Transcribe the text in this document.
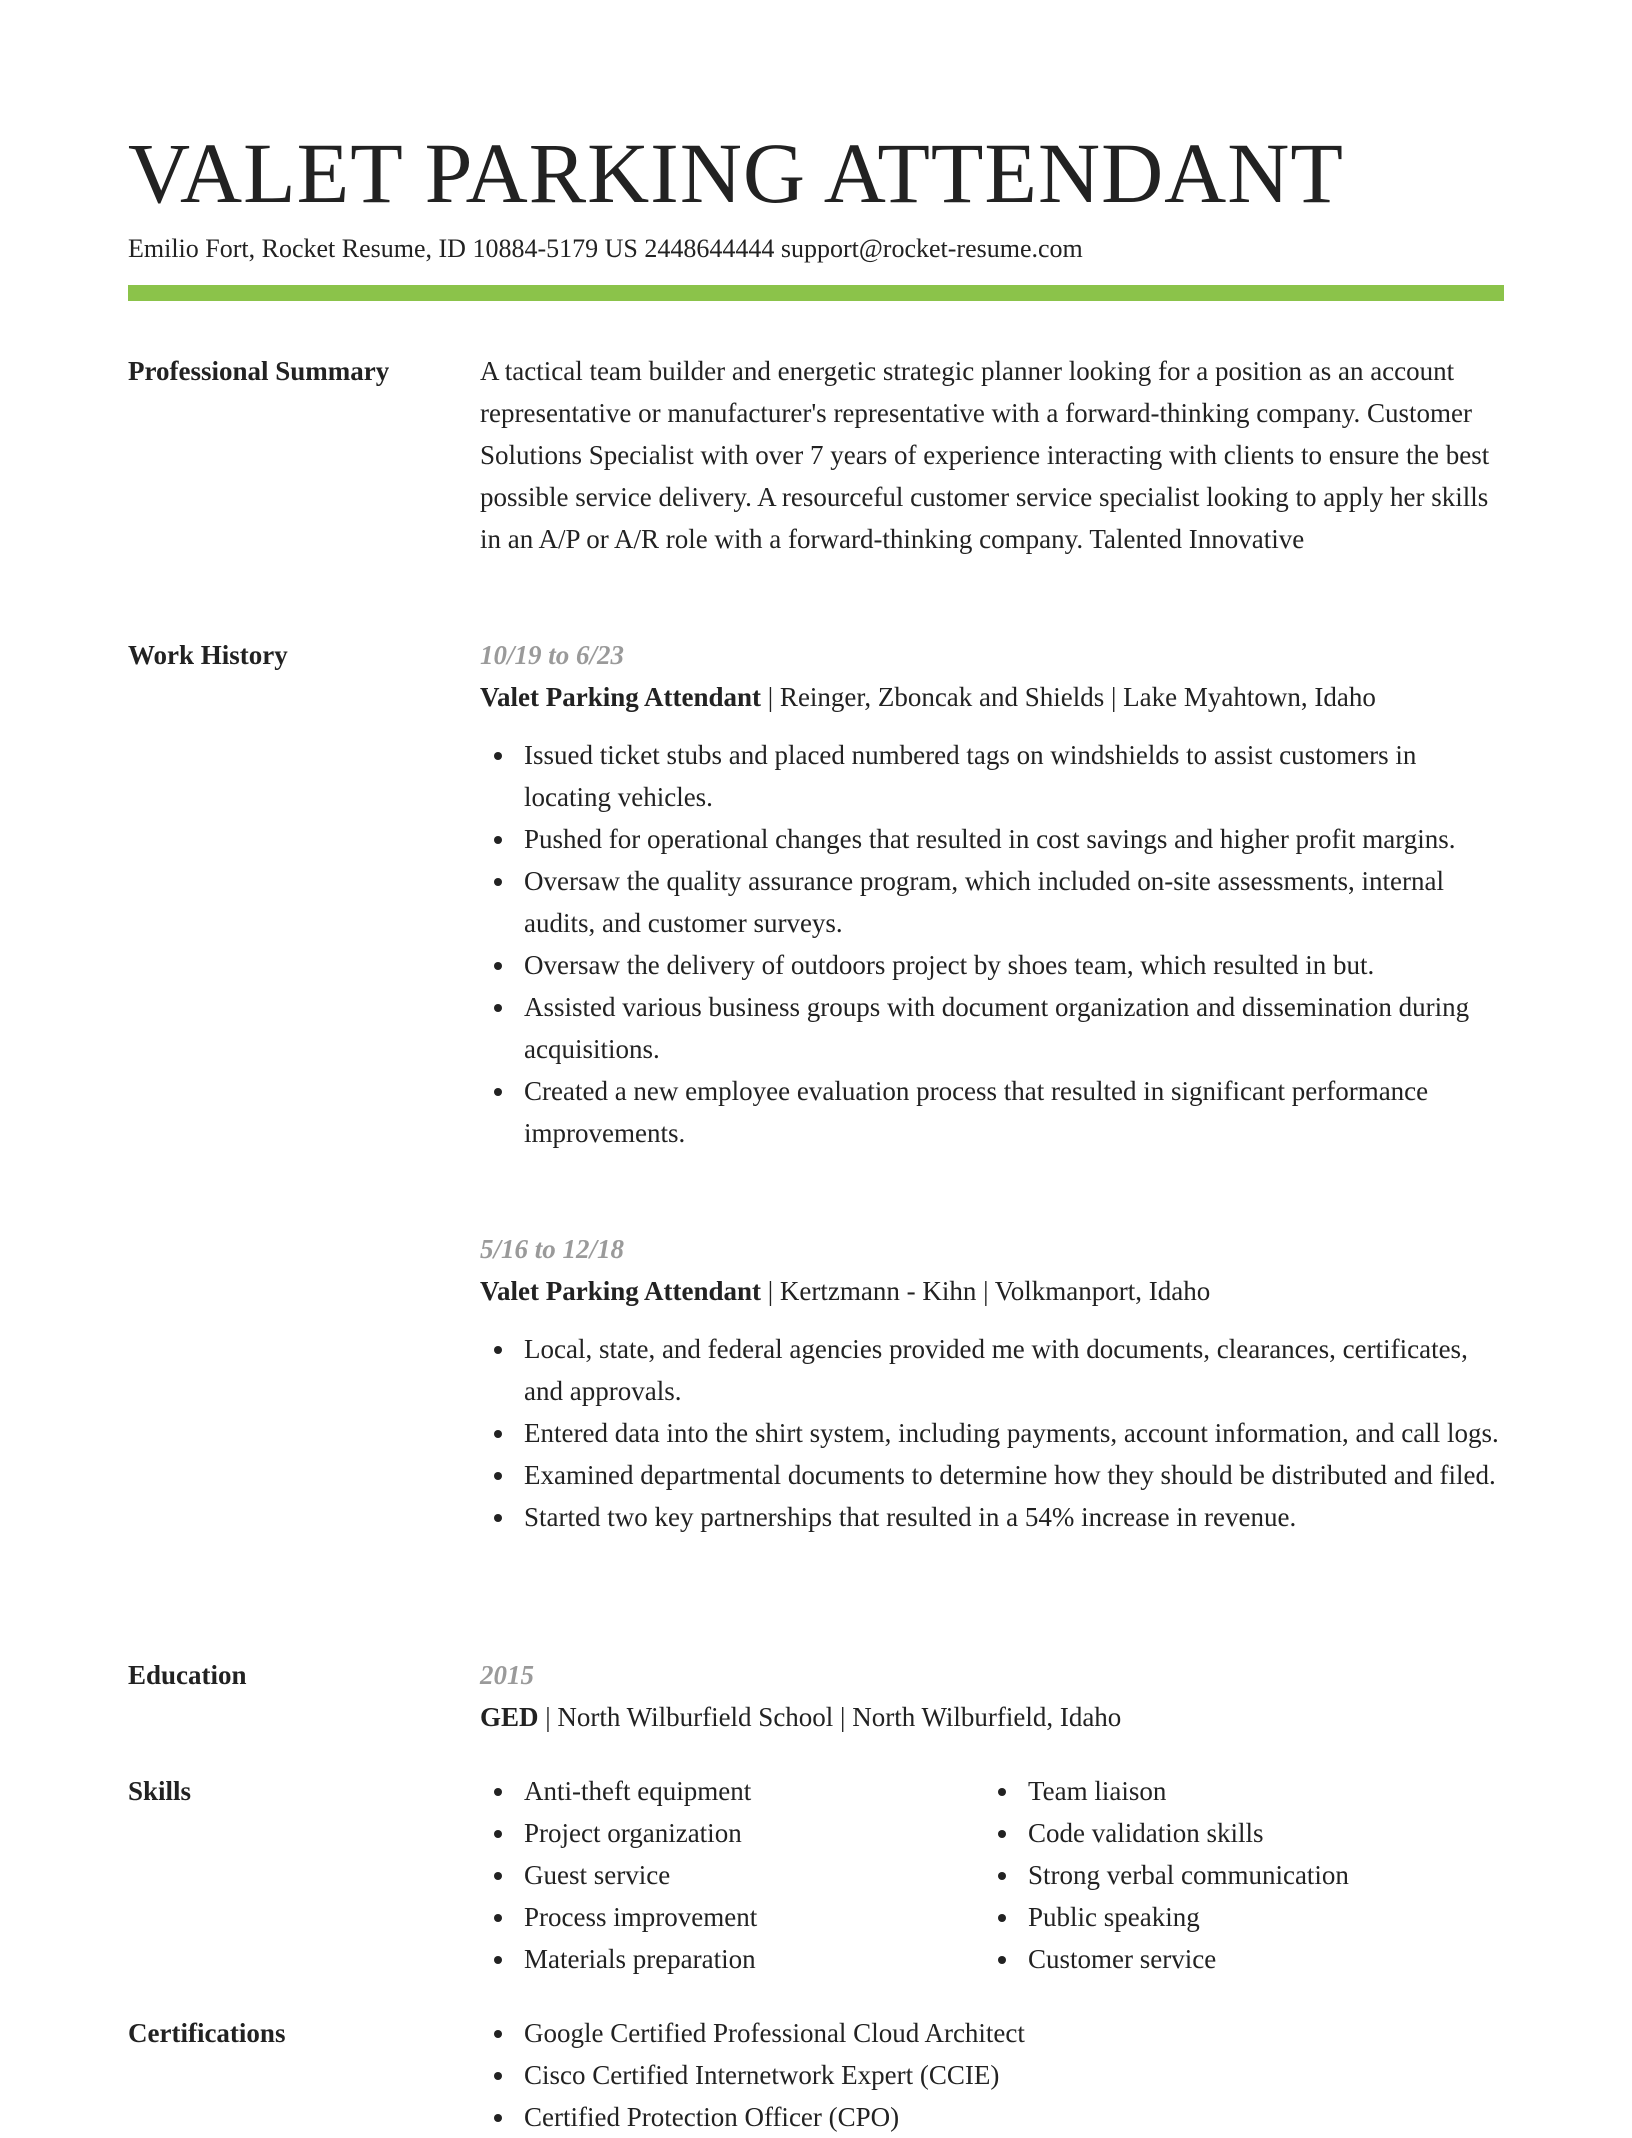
VALET PARKING ATTENDANT
Emilio Fort, Rocket Resume, ID 10884-5179 US 2448644444 support@rocket-resume.com
Professional Summary	A tactical team builder and energetic strategic planner looking for a position as an account representative or manufacturer's representative with a forward-thinking company. Customer Solutions Specialist with over 7 years of experience interacting with clients to ensure the best possible service delivery. A resourceful customer service specialist looking to apply her skills in an A/P or A/R role with a forward-thinking company. Talented Innovative

Work History	10/19 to 6/23
Valet Parking Attendant | Reinger, Zboncak and Shields | Lake Myahtown, Idaho
Issued ticket stubs and placed numbered tags on windshields to assist customers in locating vehicles.
Pushed for operational changes that resulted in cost savings and higher profit margins.
Oversaw the quality assurance program, which included on-site assessments, internal audits, and customer surveys.
Oversaw the delivery of outdoors project by shoes team, which resulted in but.
Assisted various business groups with document organization and dissemination during acquisitions.
Created a new employee evaluation process that resulted in significant performance improvements.
5/16 to 12/18
Valet Parking Attendant | Kertzmann - Kihn | Volkmanport, Idaho
Local, state, and federal agencies provided me with documents, clearances, certificates, and approvals.
Entered data into the shirt system, including payments, account information, and call logs.
Examined departmental documents to determine how they should be distributed and filed.
Started two key partnerships that resulted in a 54% increase in revenue.
Education	2015
GED | North Wilburfield School | North Wilburfield, Idaho
Skills	Anti-theft equipment
Project organization
Guest service
Process improvement
Materials preparation
Team liaison
Code validation skills
Strong verbal communication
Public speaking
Customer service
Certifications	Google Certified Professional Cloud Architect
Cisco Certified Internetwork Expert (CCIE)
Certified Protection Officer (CPO)
